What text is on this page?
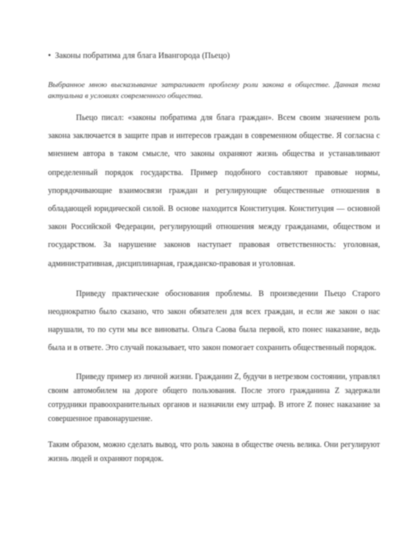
• Законы побратима для блага Ивангорода (Пьецо)

Выбранное мною высказывание затрагивает проблему роли закона в обществе. Данная тема актуальна в условиях современного общества.

Пьецо писал: «законы побратима для блага граждан». Всем своим значением роль закона заключается в защите прав и интересов граждан в современном обществе. Я согласна с мнением автора в таком смысле, что законы охраняют жизнь общества и устанавливают определенный порядок государства. Пример подобного составляют правовые нормы, упорядочивающие взаимосвязи граждан и регулирующие общественные отношения в обладающей юридической силой. В основе находится Конституция. Конституция — основной закон Российской Федерации, регулирующий отношения между гражданами, обществом и государством. За нарушение законов наступает правовая ответственность: уголовная, административная, дисциплинарная, гражданско-правовая и уголовная.

Приведу практические обоснования проблемы. В произведении Пьецо Старого неоднократно было сказано, что закон обязателен для всех граждан, и если же закон о нас нарушали, то по сути мы все виноваты. Ольга Саова была первой, кто понес наказание, ведь была и в ответе. Это случай показывает, что закон помогает сохранить общественный порядок.

Приведу пример из личной жизни. Гражданин Z, будучи в нетрезвом состоянии, управлял своим автомобилем на дороге общего пользования. После этого гражданина Z задержали сотрудники правоохранительных органов и назначили ему штраф. В итоге Z понес наказание за совершенное правонарушение.

Таким образом, можно сделать вывод, что роль закона в обществе очень велика. Они регулируют жизнь людей и охраняют порядок.
